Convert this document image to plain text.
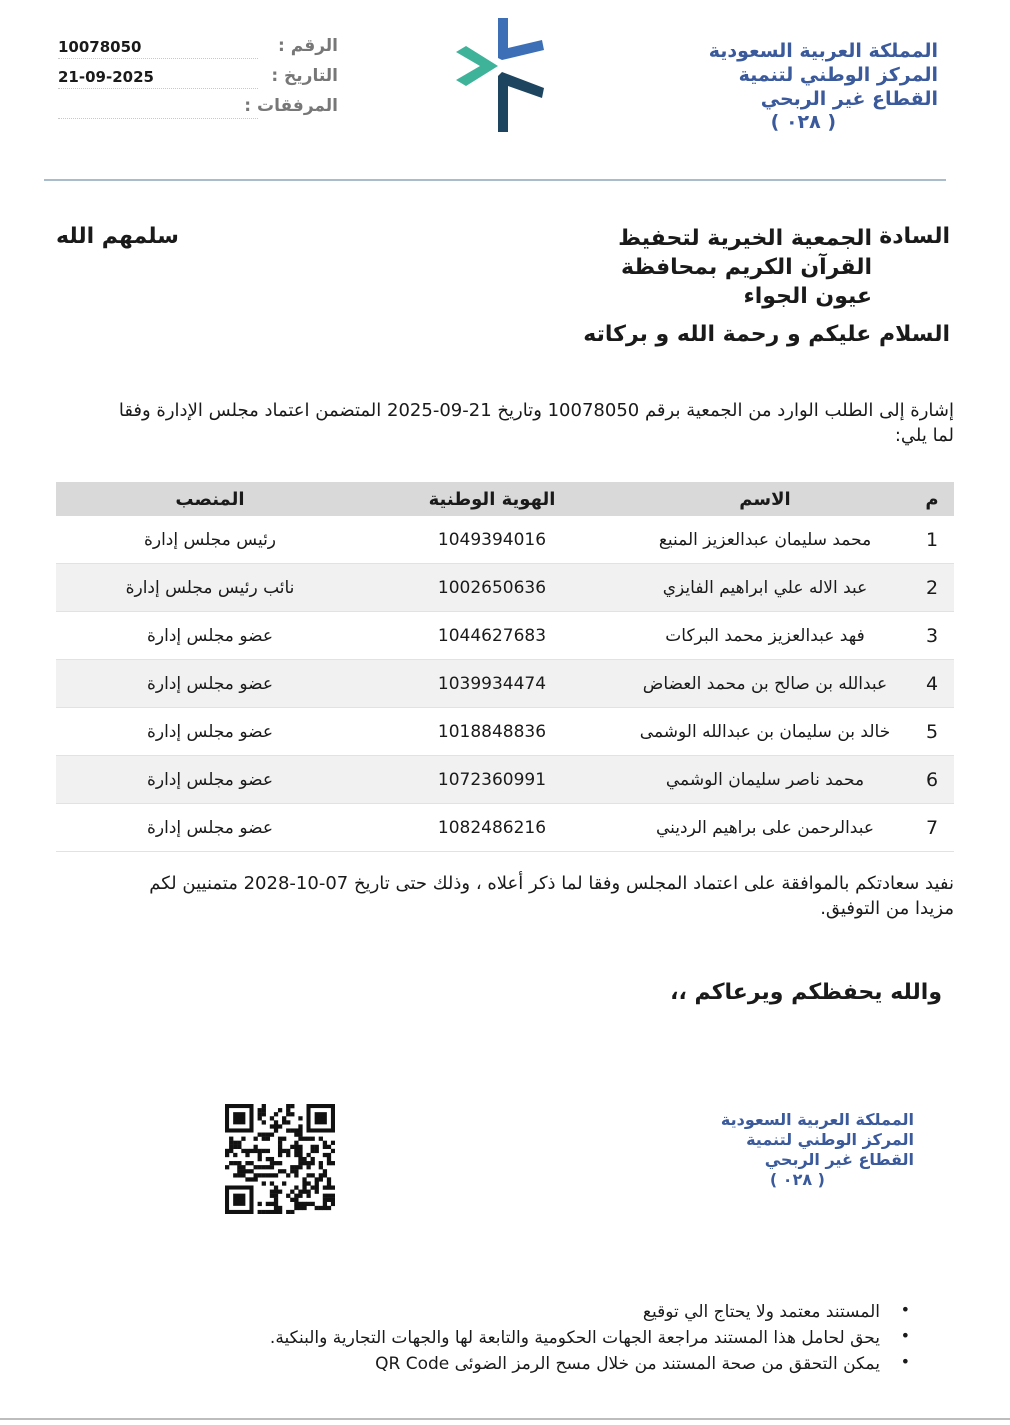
10078050	الرقم :
21-09-2025	التاريخ :
المرفقات :
المملكة العربية السعودية
المركز الوطني لتنمية
القطاع غير الربحي
( ٠٢٨ )
السادة
الجمعية الخيرية لتحفيظ
القرآن الكريم بمحافظة
عيون الجواء
سلمهم الله
السلام عليكم و رحمة الله و بركاته
إشارة إلى الطلب الوارد من الجمعية برقم 10078050 وتاريخ 21-09-2025 المتضمن اعتماد مجلس الإدارة وفقا
لما يلي:
م	الاسم	الهوية الوطنية	المنصب
1	محمد سليمان عبدالعزيز المنيع	1049394016	رئيس مجلس إدارة
2	عبد الاله علي ابراهيم الفايزي	1002650636	نائب رئيس مجلس إدارة
3	فهد عبدالعزيز محمد البركات	1044627683	عضو مجلس إدارة
4	عبدالله بن صالح بن محمد العضاض	1039934474	عضو مجلس إدارة
5	خالد بن سليمان بن عبدالله الوشمى	1018848836	عضو مجلس إدارة
6	محمد ناصر سليمان الوشمي	1072360991	عضو مجلس إدارة
7	عبدالرحمن على براهيم الرديني	1082486216	عضو مجلس إدارة
نفيد سعادتكم بالموافقة على اعتماد المجلس وفقا لما ذكر أعلاه ، وذلك حتى تاريخ 07-10-2028 متمنيين لكم
مزيدا من التوفيق.
والله يحفظكم ويرعاكم ،،
المملكة العربية السعودية
المركز الوطني لتنمية
القطاع غير الربحي
( ٠٢٨ )
•
المستند معتمد ولا يحتاج الي توقيع
•
يحق لحامل هذا المستند مراجعة الجهات الحكومية والتابعة لها والجهات التجارية والبنكية.
•
يمكن التحقق من صحة المستند من خلال مسح الرمز الضوئى QR Code
